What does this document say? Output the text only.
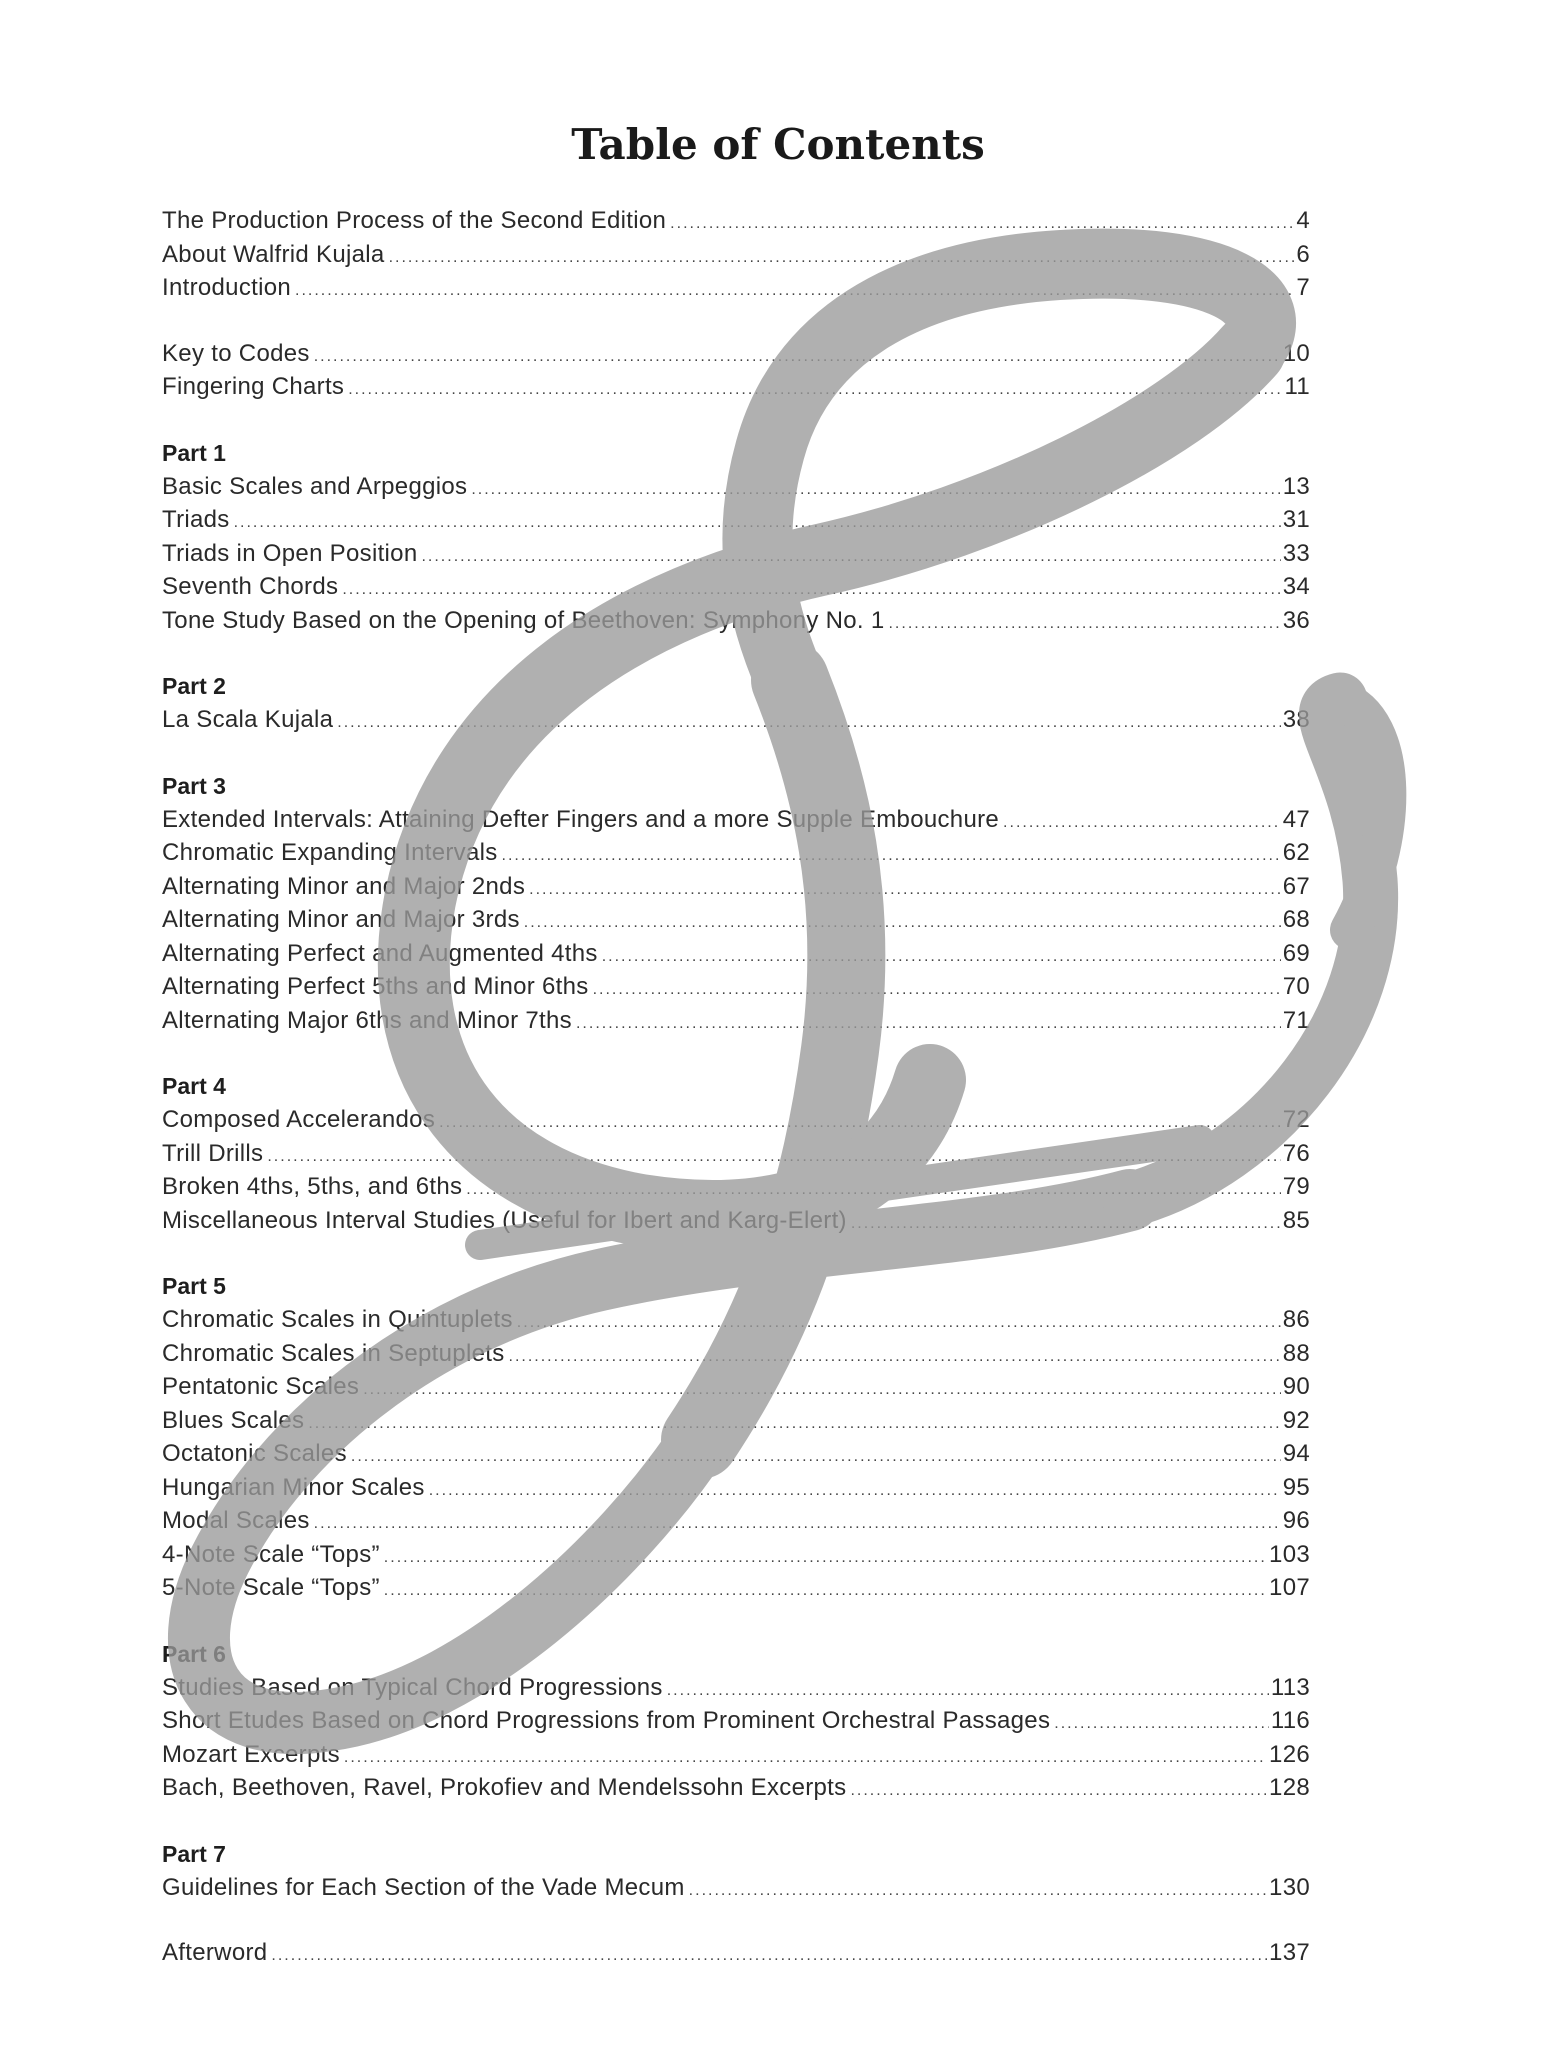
Table of Contents
The Production Process of the Second Edition .....	4
About Walfrid Kujala .....	6
Introduction .....	7
Key to Codes .....	10
Fingering Charts .....	11
Part 1
Basic Scales and Arpeggios .....	13
Triads .....	31
Triads in Open Position .....	33
Seventh Chords .....	34
Tone Study Based on the Opening of Beethoven: Symphony No. 1 .....	36
Part 2
La Scala Kujala .....	38
Part 3
Extended Intervals: Attaining Defter Fingers and a more Supple Embouchure .....	47
Chromatic Expanding Intervals .....	62
Alternating Minor and Major 2nds .....	67
Alternating Minor and Major 3rds .....	68
Alternating Perfect and Augmented 4ths .....	69
Alternating Perfect 5ths and Minor 6ths .....	70
Alternating Major 6ths and Minor 7ths .....	71
Part 4
Composed Accelerandos .....	72
Trill Drills .....	76
Broken 4ths, 5ths, and 6ths .....	79
Miscellaneous Interval Studies (Useful for Ibert and Karg-Elert) .....	85
Part 5
Chromatic Scales in Quintuplets .....	86
Chromatic Scales in Septuplets .....	88
Pentatonic Scales .....	90
Blues Scales .....	92
Octatonic Scales .....	94
Hungarian Minor Scales .....	95
Modal Scales .....	96
4-Note Scale “Tops” .....	103
5-Note Scale “Tops” .....	107
Part 6
Studies Based on Typical Chord Progressions .....	113
Short Etudes Based on Chord Progressions from Prominent Orchestral Passages .....	116
Mozart Excerpts .....	126
Bach, Beethoven, Ravel, Prokofiev and Mendelssohn Excerpts .....	128
Part 7
Guidelines for Each Section of the Vade Mecum .....	130
Afterword .....	137
